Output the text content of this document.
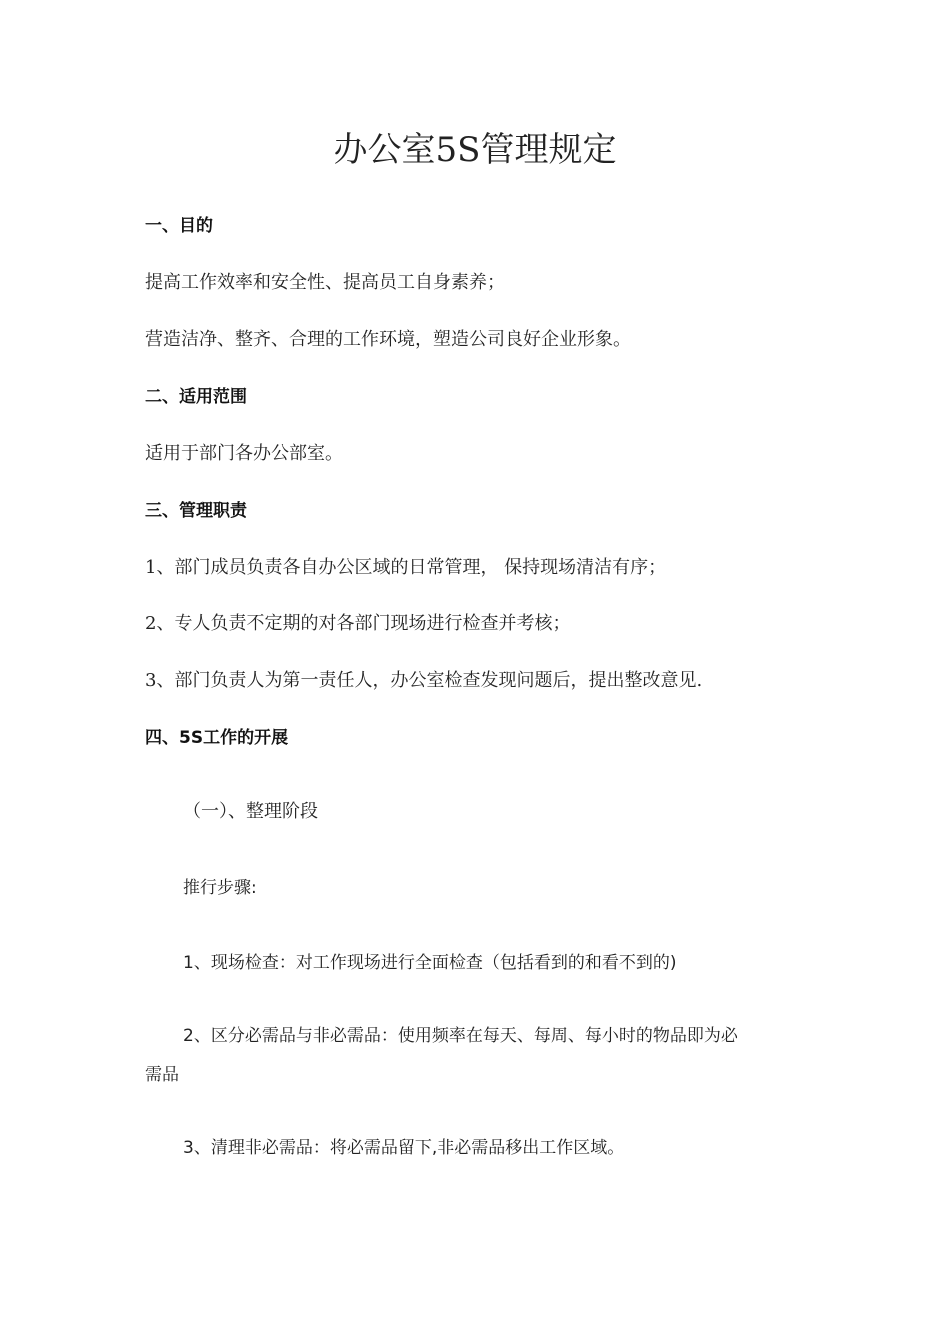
办公室5S管理规定
一、目的
提高工作效率和安全性、提高员工自身素养；
营造洁净、整齐、合理的工作环境，塑造公司良好企业形象。
二、适用范围
适用于部门各办公部室。
三、管理职责
1、部门成员负责各自办公区域的日常管理， 保持现场清洁有序；
2、专人负责不定期的对各部门现场进行检查并考核；
3、部门负责人为第一责任人，办公室检查发现问题后，提出整改意见.
四、5S工作的开展
（一）、整理阶段
推行步骤:
1、现场检查：对工作现场进行全面检查（包括看到的和看不到的)
2、区分必需品与非必需品：使用频率在每天、每周、每小时的物品即为必
需品
3、清理非必需品：将必需品留下,非必需品移出工作区域。
